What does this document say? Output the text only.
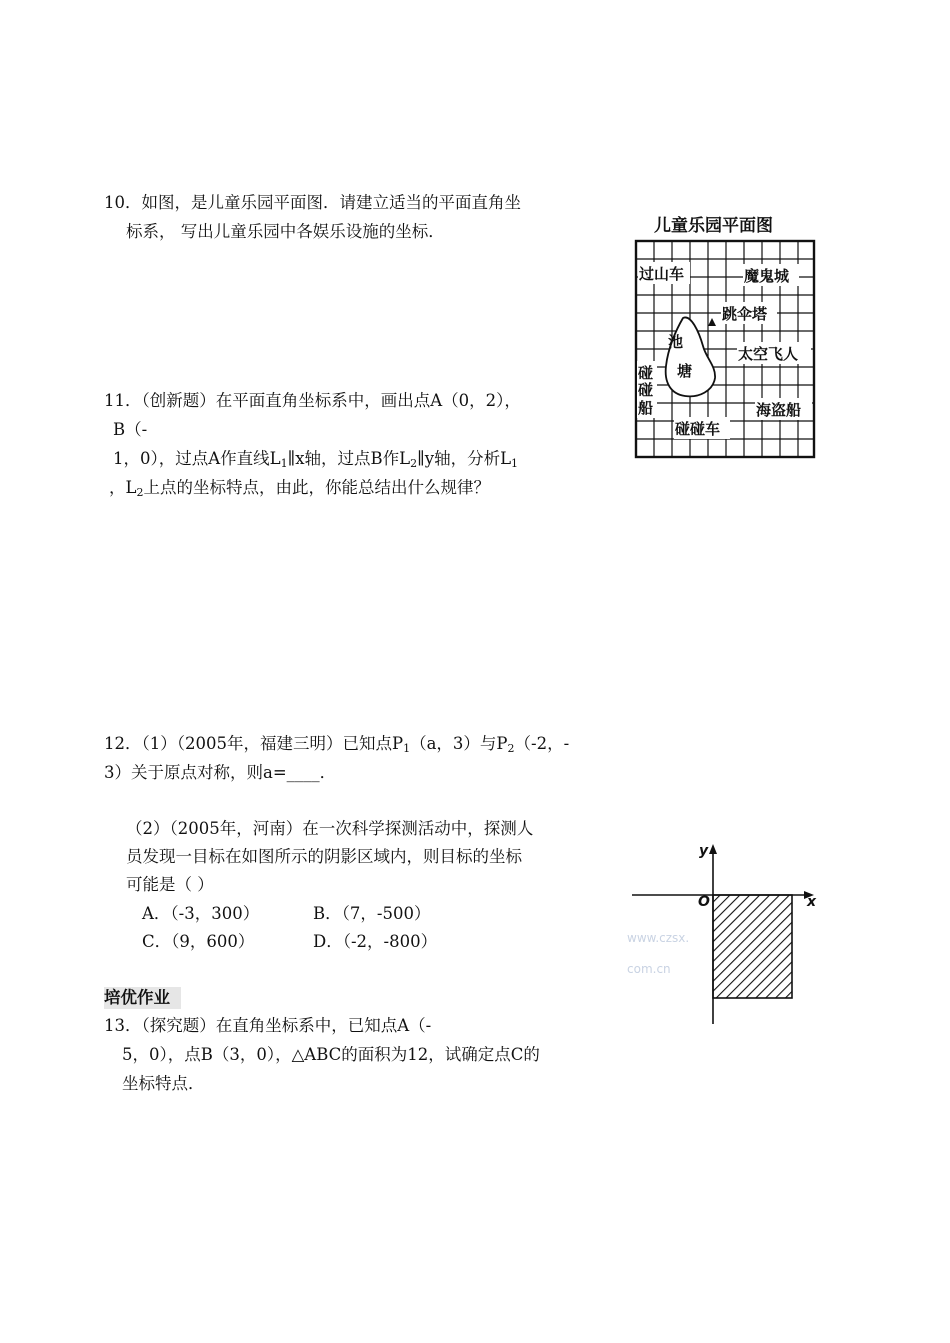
10．如图，是儿童乐园平面图．请建立适当的平面直角坐
标系， 写出儿童乐园中各娱乐设施的坐标．	儿童乐园平面图
过山车	魔鬼城
跳伞塔
池
塘
太空飞人
碰
碰
船	海盗船
碰碰车
11．（创新题）在平面直角坐标系中，画出点A（0，2），
B（-
1，0），过点A作直线$L_1\parallel x$轴，过点B作$L_2\parallel y$轴，分析$L_1$
，$L_2$上点的坐标特点，由此，你能总结出什么规律？
12．（1）（2005年，福建三明）已知点$P_1(a$，3）与$P_2(-2$，-
3）关于原点对称，则a=____．
（2）（2005年，河南）在一次科学探测活动中，探测人
员发现一目标在如图所示的阴影区域内，则目标的坐标
可能是（ ）
A．（-3，300）	B．（7，-500）
C．（9，600）	D．（-2，-800）
y
x
O
www.czsx.
com.cn
培优作业
13．（探究题）在直角坐标系中，已知点A（-
5，0），点B（3，0），△ABC的面积为12，试确定点C的
坐标特点．
